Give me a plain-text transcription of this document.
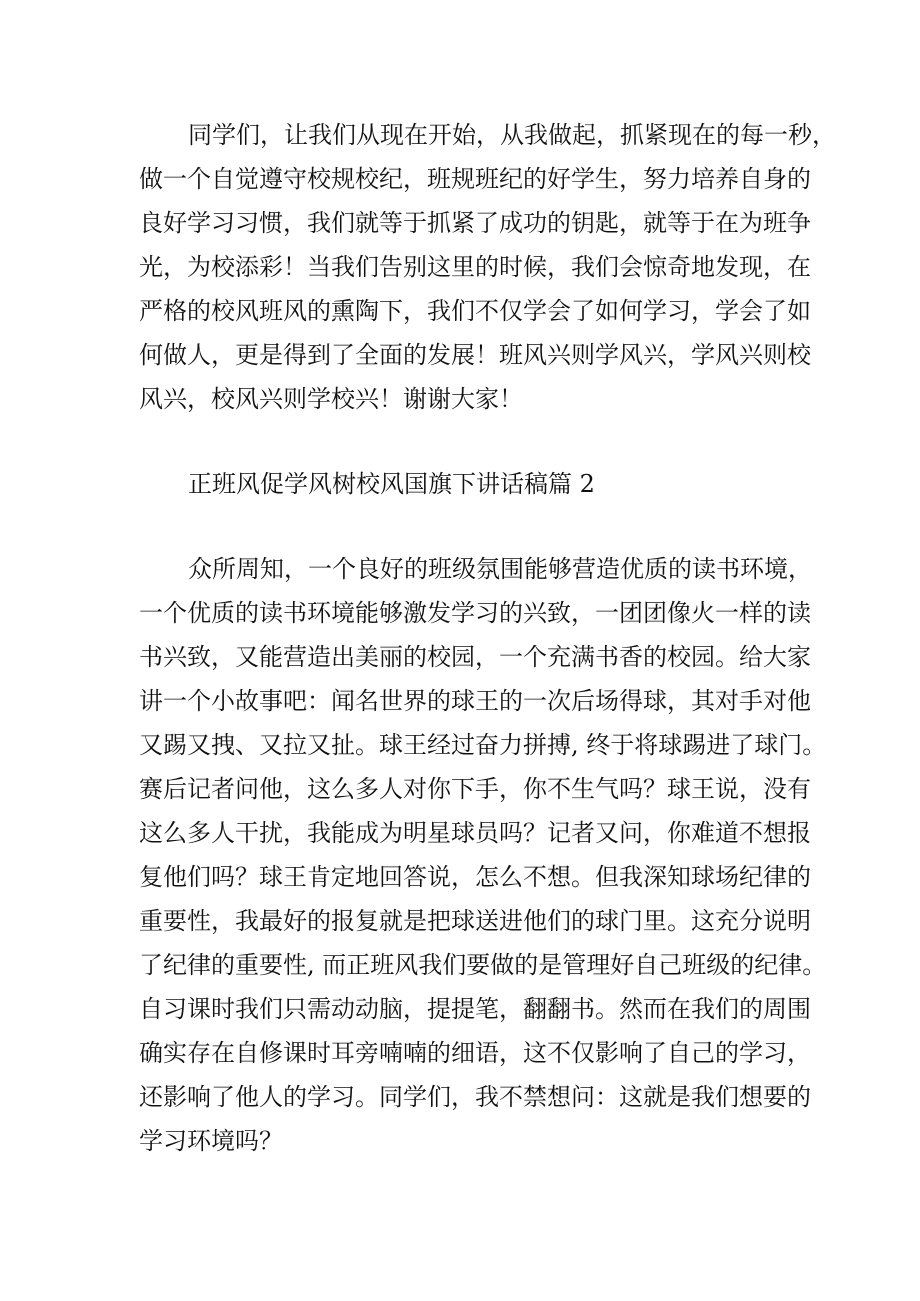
同学们，让我们从现在开始，从我做起，抓紧现在的每一秒，
做一个自觉遵守校规校纪，班规班纪的好学生，努力培养自身的
良好学习习惯，我们就等于抓紧了成功的钥匙，就等于在为班争
光，为校添彩！当我们告别这里的时候，我们会惊奇地发现，在
严格的校风班风的熏陶下，我们不仅学会了如何学习，学会了如
何做人，更是得到了全面的发展！班风兴则学风兴，学风兴则校
风兴，校风兴则学校兴！谢谢大家！
正班风促学风树校风国旗下讲话稿篇 2
众所周知，一个良好的班级氛围能够营造优质的读书环境，
一个优质的读书环境能够激发学习的兴致，一团团像火一样的读
书兴致，又能营造出美丽的校园，一个充满书香的校园。给大家
讲一个小故事吧：闻名世界的球王的一次后场得球，其对手对他
又踢又拽、又拉又扯。球王经过奋力拼搏, 终于将球踢进了球门。
赛后记者问他，这么多人对你下手，你不生气吗？球王说，没有
这么多人干扰，我能成为明星球员吗？记者又问，你难道不想报
复他们吗？球王肯定地回答说，怎么不想。但我深知球场纪律的
重要性，我最好的报复就是把球送进他们的球门里。这充分说明
了纪律的重要性, 而正班风我们要做的是管理好自己班级的纪律。
自习课时我们只需动动脑，提提笔，翻翻书。然而在我们的周围
确实存在自修课时耳旁喃喃的细语，这不仅影响了自己的学习，
还影响了他人的学习。同学们，我不禁想问：这就是我们想要的
学习环境吗？
